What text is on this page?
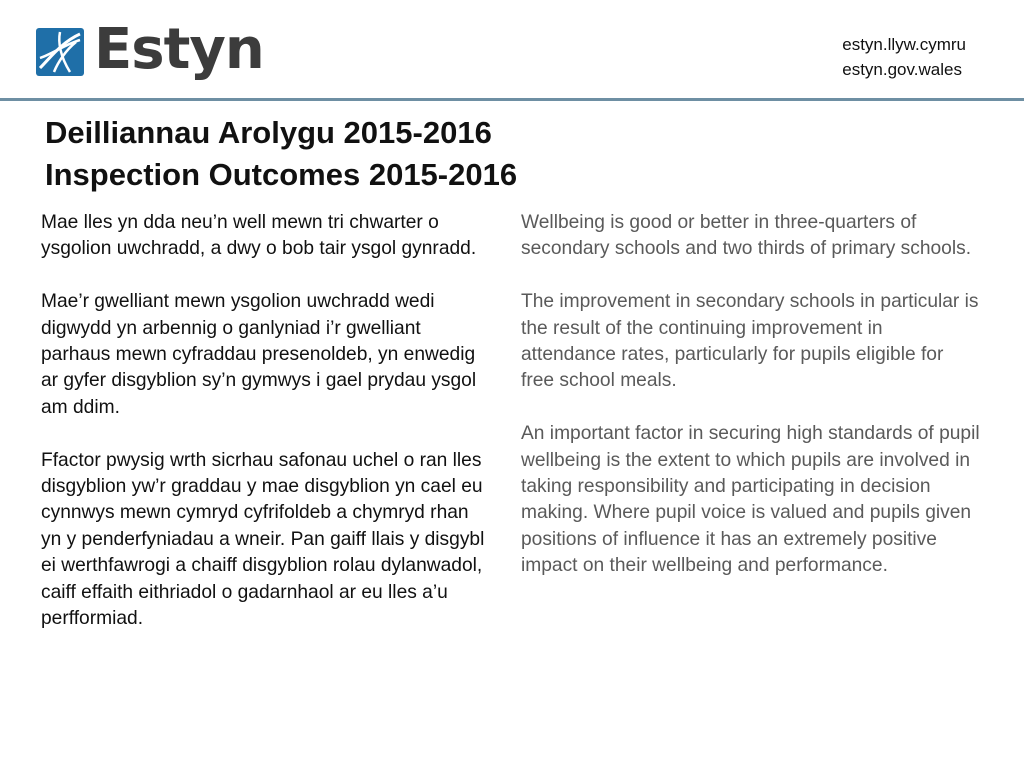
Estyn	estyn.llyw.cymru
estyn.gov.wales
Deilliannau Arolygu 2015-2016
Inspection Outcomes 2015-2016

Mae lles yn dda neu’n well mewn tri chwarter o ysgolion uwchradd, a dwy o bob tair ysgol gynradd.

Mae’r gwelliant mewn ysgolion uwchradd wedi digwydd yn arbennig o ganlyniad i’r gwelliant parhaus mewn cyfraddau presenoldeb, yn enwedig ar gyfer disgyblion sy’n gymwys i gael prydau ysgol am ddim.

Ffactor pwysig wrth sicrhau safonau uchel o ran lles disgyblion yw’r graddau y mae disgyblion yn cael eu cynnwys mewn cymryd cyfrifoldeb a chymryd rhan yn y penderfyniadau a wneir. Pan gaiff llais y disgybl ei werthfawrogi a chaiff disgyblion rolau dylanwadol, caiff effaith eithriadol o gadarnhaol ar eu lles a’u perfformiad.

Wellbeing is good or better in three-quarters of secondary schools and two thirds of primary schools.

The improvement in secondary schools in particular is the result of the continuing improvement in attendance rates, particularly for pupils eligible for free school meals.

An important factor in securing high standards of pupil wellbeing is the extent to which pupils are involved in taking responsibility and participating in decision making. Where pupil voice is valued and pupils given positions of influence it has an extremely positive impact on their wellbeing and performance.
